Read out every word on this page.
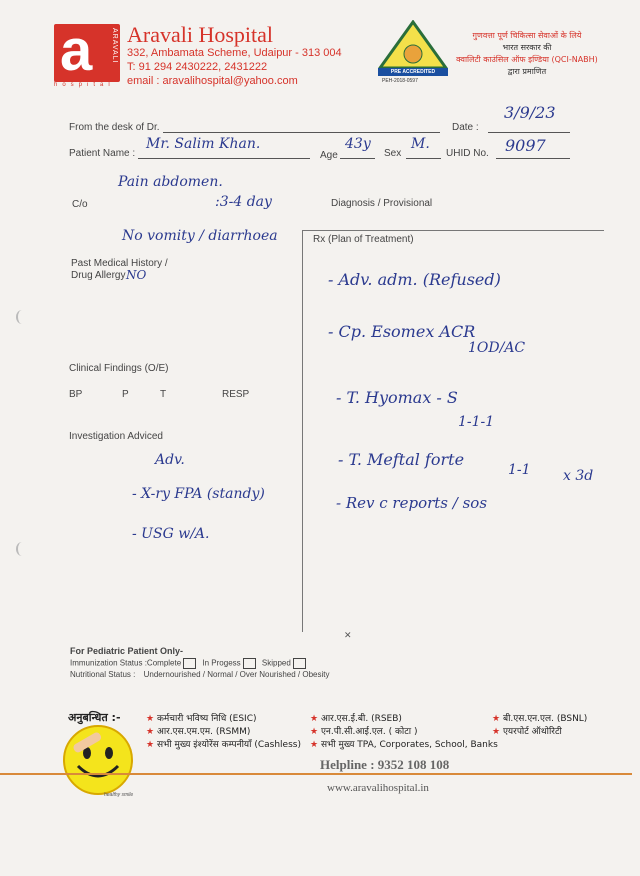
a	ARAVALI
hospital
Aravali Hospital
332, Ambamata Scheme, Udaipur - 313 004
T: 91 294 2430222, 2431222
email : aravalihospital@yahoo.com
PRE ACCREDITED
PEH-2018-0597
गुणवत्ता पूर्ण चिकित्सा सेवाओं के लिये
भारत सरकार की
क्वालिटी काउंसिल ऑफ इण्डिया (QCI-NABH)
द्वारा प्रमाणित
From the desk of Dr.	Date :
3/9/23
Patient Name :
Mr. Salim Khan.
Age
43y
Sex
M.
UHID No. 9097
C/o
Pain abdomen.
:3-4 day
No vomity / diarrhoea
Diagnosis / Provisional
Rx (Plan of Treatment)
Past Medical History /
Drug Allergy NO
Clinical Findings (O/E)
BP	P	T	RESP
Investigation Adviced
Adv.
- X-ry FPA (standy)
- USG w/A.
- Adv. adm. (Refused)
- Cp. Esomex ACR
1OD/AC
- T. Hyomax - S
1-1-1
- T. Meftal forte
1-1 x 3d
- Rev c reports / sos
✕
For Pediatric Patient Only-
Immunization Status :Complete	In Progess	Skipped
Nutritional Status : Undernourished / Normal / Over Nourished / Obesity
अनुबन्धित :-	★ कर्मचारी भविष्य निधि (ESIC)	★ आर.एस.ई.बी. (RSEB)	★ बी.एस.एन.एल. (BSNL)
★ आर.एस.एम.एम. (RSMM)	★ एन.पी.सी.आई.एल. ( कोटा )	★ एयरपोर्ट ऑथोरिटी
★ सभी मुख्य इंश्योरेंस कम्पनीयाँ (Cashless) ★ सभी मुख्य TPA, Corporates, School, Banks
healthy smile
Helpline : 9352 108 108
www.aravalihospital.in
